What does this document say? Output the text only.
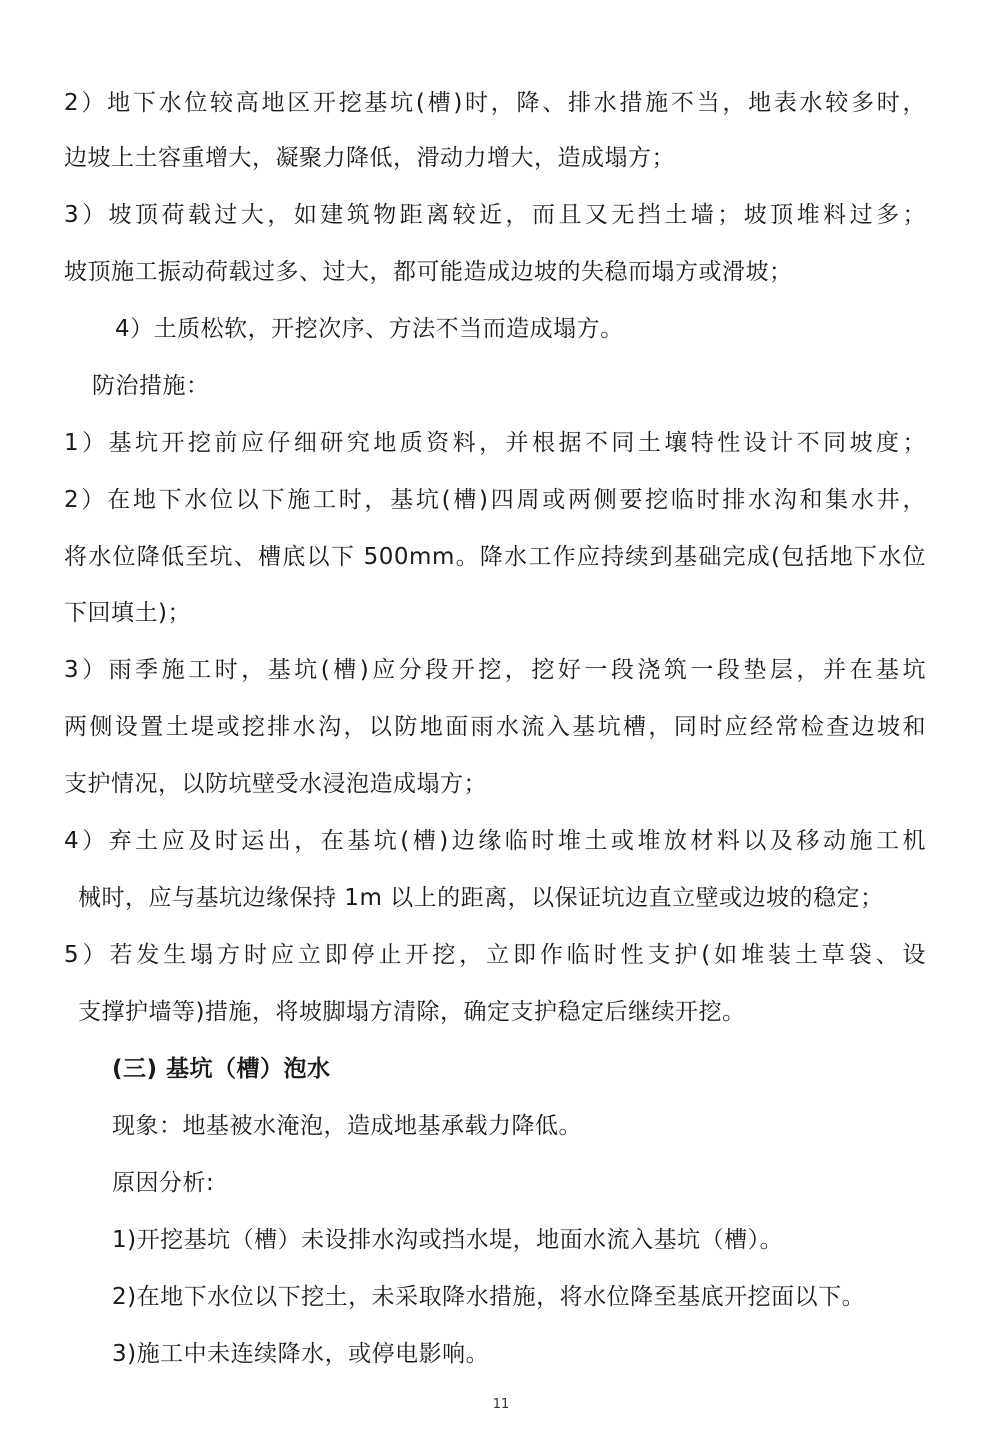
2）地下水位较高地区开挖基坑(槽)时，降、排水措施不当，地表水较多时，
边坡上土容重增大，凝聚力降低，滑动力增大，造成塌方；
3）坡顶荷载过大，如建筑物距离较近，而且又无挡土墙；坡顶堆料过多；
坡顶施工振动荷载过多、过大，都可能造成边坡的失稳而塌方或滑坡；
4）土质松软，开挖次序、方法不当而造成塌方。
防治措施：
1）基坑开挖前应仔细研究地质资料，并根据不同土壤特性设计不同坡度；
2）在地下水位以下施工时，基坑(槽)四周或两侧要挖临时排水沟和集水井，
将水位降低至坑、槽底以下 500mm。降水工作应持续到基础完成(包括地下水位
下回填土)；
3）雨季施工时，基坑(槽)应分段开挖，挖好一段浇筑一段垫层，并在基坑
两侧设置土堤或挖排水沟，以防地面雨水流入基坑槽，同时应经常检查边坡和
支护情况，以防坑壁受水浸泡造成塌方；
4）弃土应及时运出，在基坑(槽)边缘临时堆土或堆放材料以及移动施工机
械时，应与基坑边缘保持 1m 以上的距离，以保证坑边直立壁或边坡的稳定；
5）若发生塌方时应立即停止开挖，立即作临时性支护(如堆装土草袋、设
支撑护墙等)措施，将坡脚塌方清除，确定支护稳定后继续开挖。
(三) 基坑（槽）泡水
现象：地基被水淹泡，造成地基承载力降低。
原因分析:
1)开挖基坑（槽）未设排水沟或挡水堤，地面水流入基坑（槽）。
2)在地下水位以下挖土，未采取降水措施，将水位降至基底开挖面以下。
3)施工中未连续降水，或停电影响。
11
